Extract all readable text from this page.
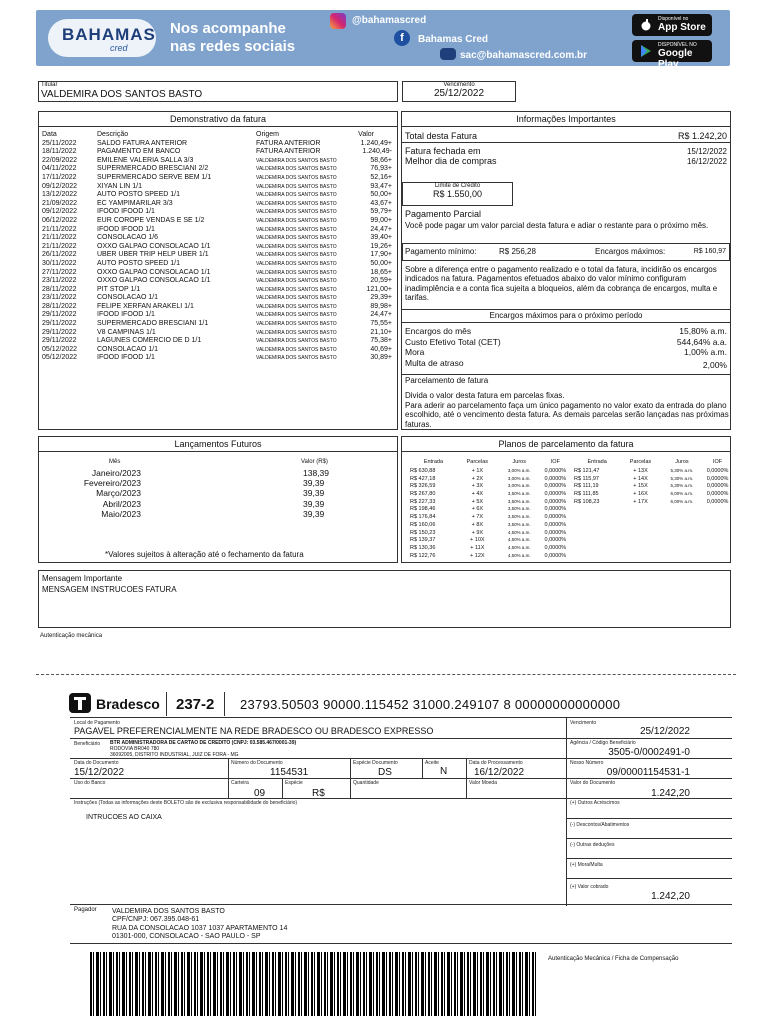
BAHAMAS
cred
Nos acompanhe
nas redes sociais
@bahamascred
f	Bahamas Cred
sac@bahamascred.com.br
Disponível no
App Store
DISPONÍVEL NO
Google Play
Titular
VALDEMIRA DOS SANTOS BASTO
Vencimento
25/12/2022
Demonstrativo da fatura
Data	Descrição	Origem	Valor
25/11/2022	SALDO FATURA ANTERIOR	FATURA ANTERIOR	1.240,49+
18/11/2022	PAGAMENTO EM BANCO	FATURA ANTERIOR	1.240,49-
22/09/2022	EMILENE VALERIA SALLA 3/3	VALDEMIRA DOS SANTOS BASTO	58,66+
04/11/2022	SUPERMERCADO BRESCIANI 2/2	VALDEMIRA DOS SANTOS BASTO	76,93+
17/11/2022	SUPERMERCADO SERVE BEM 1/1	VALDEMIRA DOS SANTOS BASTO	52,16+
09/12/2022	XIYAN LIN 1/1	VALDEMIRA DOS SANTOS BASTO	93,47+
13/12/2022	AUTO POSTO SPEED 1/1	VALDEMIRA DOS SANTOS BASTO	50,00+
21/09/2022	EC YAMPIMARILAR 3/3	VALDEMIRA DOS SANTOS BASTO	43,67+
09/12/2022	IFOOD IFOOD 1/1	VALDEMIRA DOS SANTOS BASTO	59,79+
06/12/2022	EUR COROPE VENDAS E SE 1/2	VALDEMIRA DOS SANTOS BASTO	99,00+
21/11/2022	IFOOD IFOOD 1/1	VALDEMIRA DOS SANTOS BASTO	24,47+
21/11/2022	CONSOLACAO 1/6	VALDEMIRA DOS SANTOS BASTO	39,40+
21/11/2022	OXXO GALPAO CONSOLACAO 1/1	VALDEMIRA DOS SANTOS BASTO	19,26+
26/11/2022	UBER UBER TRIP HELP UBER 1/1	VALDEMIRA DOS SANTOS BASTO	17,90+
30/11/2022	AUTO POSTO SPEED 1/1	VALDEMIRA DOS SANTOS BASTO	50,00+
27/11/2022	OXXO GALPAO CONSOLACAO 1/1	VALDEMIRA DOS SANTOS BASTO	18,65+
23/11/2022	OXXO GALPAO CONSOLACAO 1/1	VALDEMIRA DOS SANTOS BASTO	20,59+
28/11/2022	PIT STOP 1/1	VALDEMIRA DOS SANTOS BASTO	121,00+
23/11/2022	CONSOLACAO 1/1	VALDEMIRA DOS SANTOS BASTO	29,39+
28/11/2022	FELIPE XERFAN ARAKELI 1/1	VALDEMIRA DOS SANTOS BASTO	89,98+
29/11/2022	IFOOD IFOOD 1/1	VALDEMIRA DOS SANTOS BASTO	24,47+
29/11/2022	SUPERMERCADO BRESCIANI 1/1	VALDEMIRA DOS SANTOS BASTO	75,55+
29/11/2022	V8 CAMPINAS 1/1	VALDEMIRA DOS SANTOS BASTO	21,10+
29/11/2022	LAGUNES COMERCIO DE D 1/1	VALDEMIRA DOS SANTOS BASTO	75,38+
05/12/2022	CONSOLACAO 1/1	VALDEMIRA DOS SANTOS BASTO	40,69+
05/12/2022	IFOOD IFOOD 1/1	VALDEMIRA DOS SANTOS BASTO	30,89+
Informações Importantes
Total desta Fatura	R$ 1.242,20
Fatura fechada em	15/12/2022
Melhor dia de compras	16/12/2022
Limite de Crédito
R$ 1.550,00
Pagamento Parcial
Você pode pagar um valor parcial desta fatura e adiar o restante para o próximo mês.
Pagamento mínimo:	R$ 256,28	Encargos máximos:	R$ 160,97
Sobre a diferença entre o pagamento realizado e o total da fatura, incidirão os encargos indicados na fatura. Pagamentos efetuados abaixo do valor mínimo configuram inadimplência e a conta fica sujeita a bloqueios, além da cobrança de encargos, multa e tarifas.
Encargos máximos para o próximo período
Encargos do mês	15,80% a.m.
Custo Efetivo Total (CET)	544,64% a.a.
Mora	1,00% a.m.
Multa de atraso	2,00%
Parcelamento de fatura
Divida o valor desta fatura em parcelas fixas.
Para aderir ao parcelamento faça um único pagamento no valor exato da entrada do plano escolhido, até o vencimento desta fatura. As demais parcelas serão lançadas nas próximas faturas.
Lançamentos Futuros
Mês	Valor (R$)
Janeiro/2023	138,39
Fevereiro/2023	39,39
Março/2023	39,39
Abril/2023	39,39
Maio/2023	39,39
*Valores sujeitos à alteração até o fechamento da fatura
Planos de parcelamento da fatura
Entrada	Parcelas	Juros	IOF
R$ 630,88	+ 1X	3,00% a.m.	0,0000%
R$ 427,18	+ 2X	3,00% a.m.	0,0000%
R$ 326,59	+ 3X	3,00% a.m.	0,0000%
R$ 267,80	+ 4X	3,50% a.m.	0,0000%
R$ 227,33	+ 5X	3,50% a.m.	0,0000%
R$ 198,46	+ 6X	3,50% a.m.	0,0000%
R$ 176,84	+ 7X	3,50% a.m.	0,0000%
R$ 160,06	+ 8X	3,50% a.m.	0,0000%
R$ 150,23	+ 9X	4,50% a.m.	0,0000%
R$ 139,37	+ 10X	4,50% a.m.	0,0000%
R$ 130,36	+ 11X	4,50% a.m.	0,0000%
R$ 122,76	+ 12X	4,50% a.m.	0,0000%
Entrada	Parcelas	Juros	IOF
R$ 121,47	+ 13X	5,30% a.m.	0,0000%
R$ 115,97	+ 14X	5,30% a.m.	0,0000%
R$ 111,19	+ 15X	5,30% a.m.	0,0000%
R$ 111,85	+ 16X	6,00% a.m.	0,0000%
R$ 108,23	+ 17X	6,00% a.m.	0,0000%
Mensagem Importante
MENSAGEM INSTRUCOES FATURA
Autenticação mecânica
Bradesco 237-2 23793.50503 90000.115452 31000.249107 8 00000000000000
Local de Pagamento
PAGAVEL PREFERENCIALMENTE NA REDE BRADESCO OU BRADESCO EXPRESSO
Vencimento
25/12/2022
Beneficiário BTR ADMINISTRADORA DE CARTAO DE CREDITO (CNPJ: 03.585.467/0001-39)
RODOVIA BR040 780
36092005, DISTRITO INDUSTRIAL, JUIZ DE FORA - MG
Agência / Código Beneficiário
3505-0/0002491-0
Data do Documento
15/12/2022
Número do Documento
1154531
Espécie Documento
DS
Aceite
N
Data do Processamento
16/12/2022
Nosso Número
09/00001154531-1
Uso do Banco	Carteira
09
Espécie
R$
Quantidade	Valor Moeda	Valor do Documento
1.242,20
Instruções (Todas as informações deste BOLETO são de exclusiva responsabilidade do beneficiário)
INTRUCOES AO CAIXA
(+) Outros Acréscimos
(-) Descontos/Abatimentos
(-) Outras deduções
(+) Mora/Multa
(+) Valor cobrado
1.242,20
Pagador VALDEMIRA DOS SANTOS BASTO
CPF/CNPJ: 067.395.048-61
RUA DA CONSOLACAO 1037 1037 APARTAMENTO 14
01301-000, CONSOLACAO - SAO PAULO - SP
Autenticação Mecânica / Ficha de Compensação
